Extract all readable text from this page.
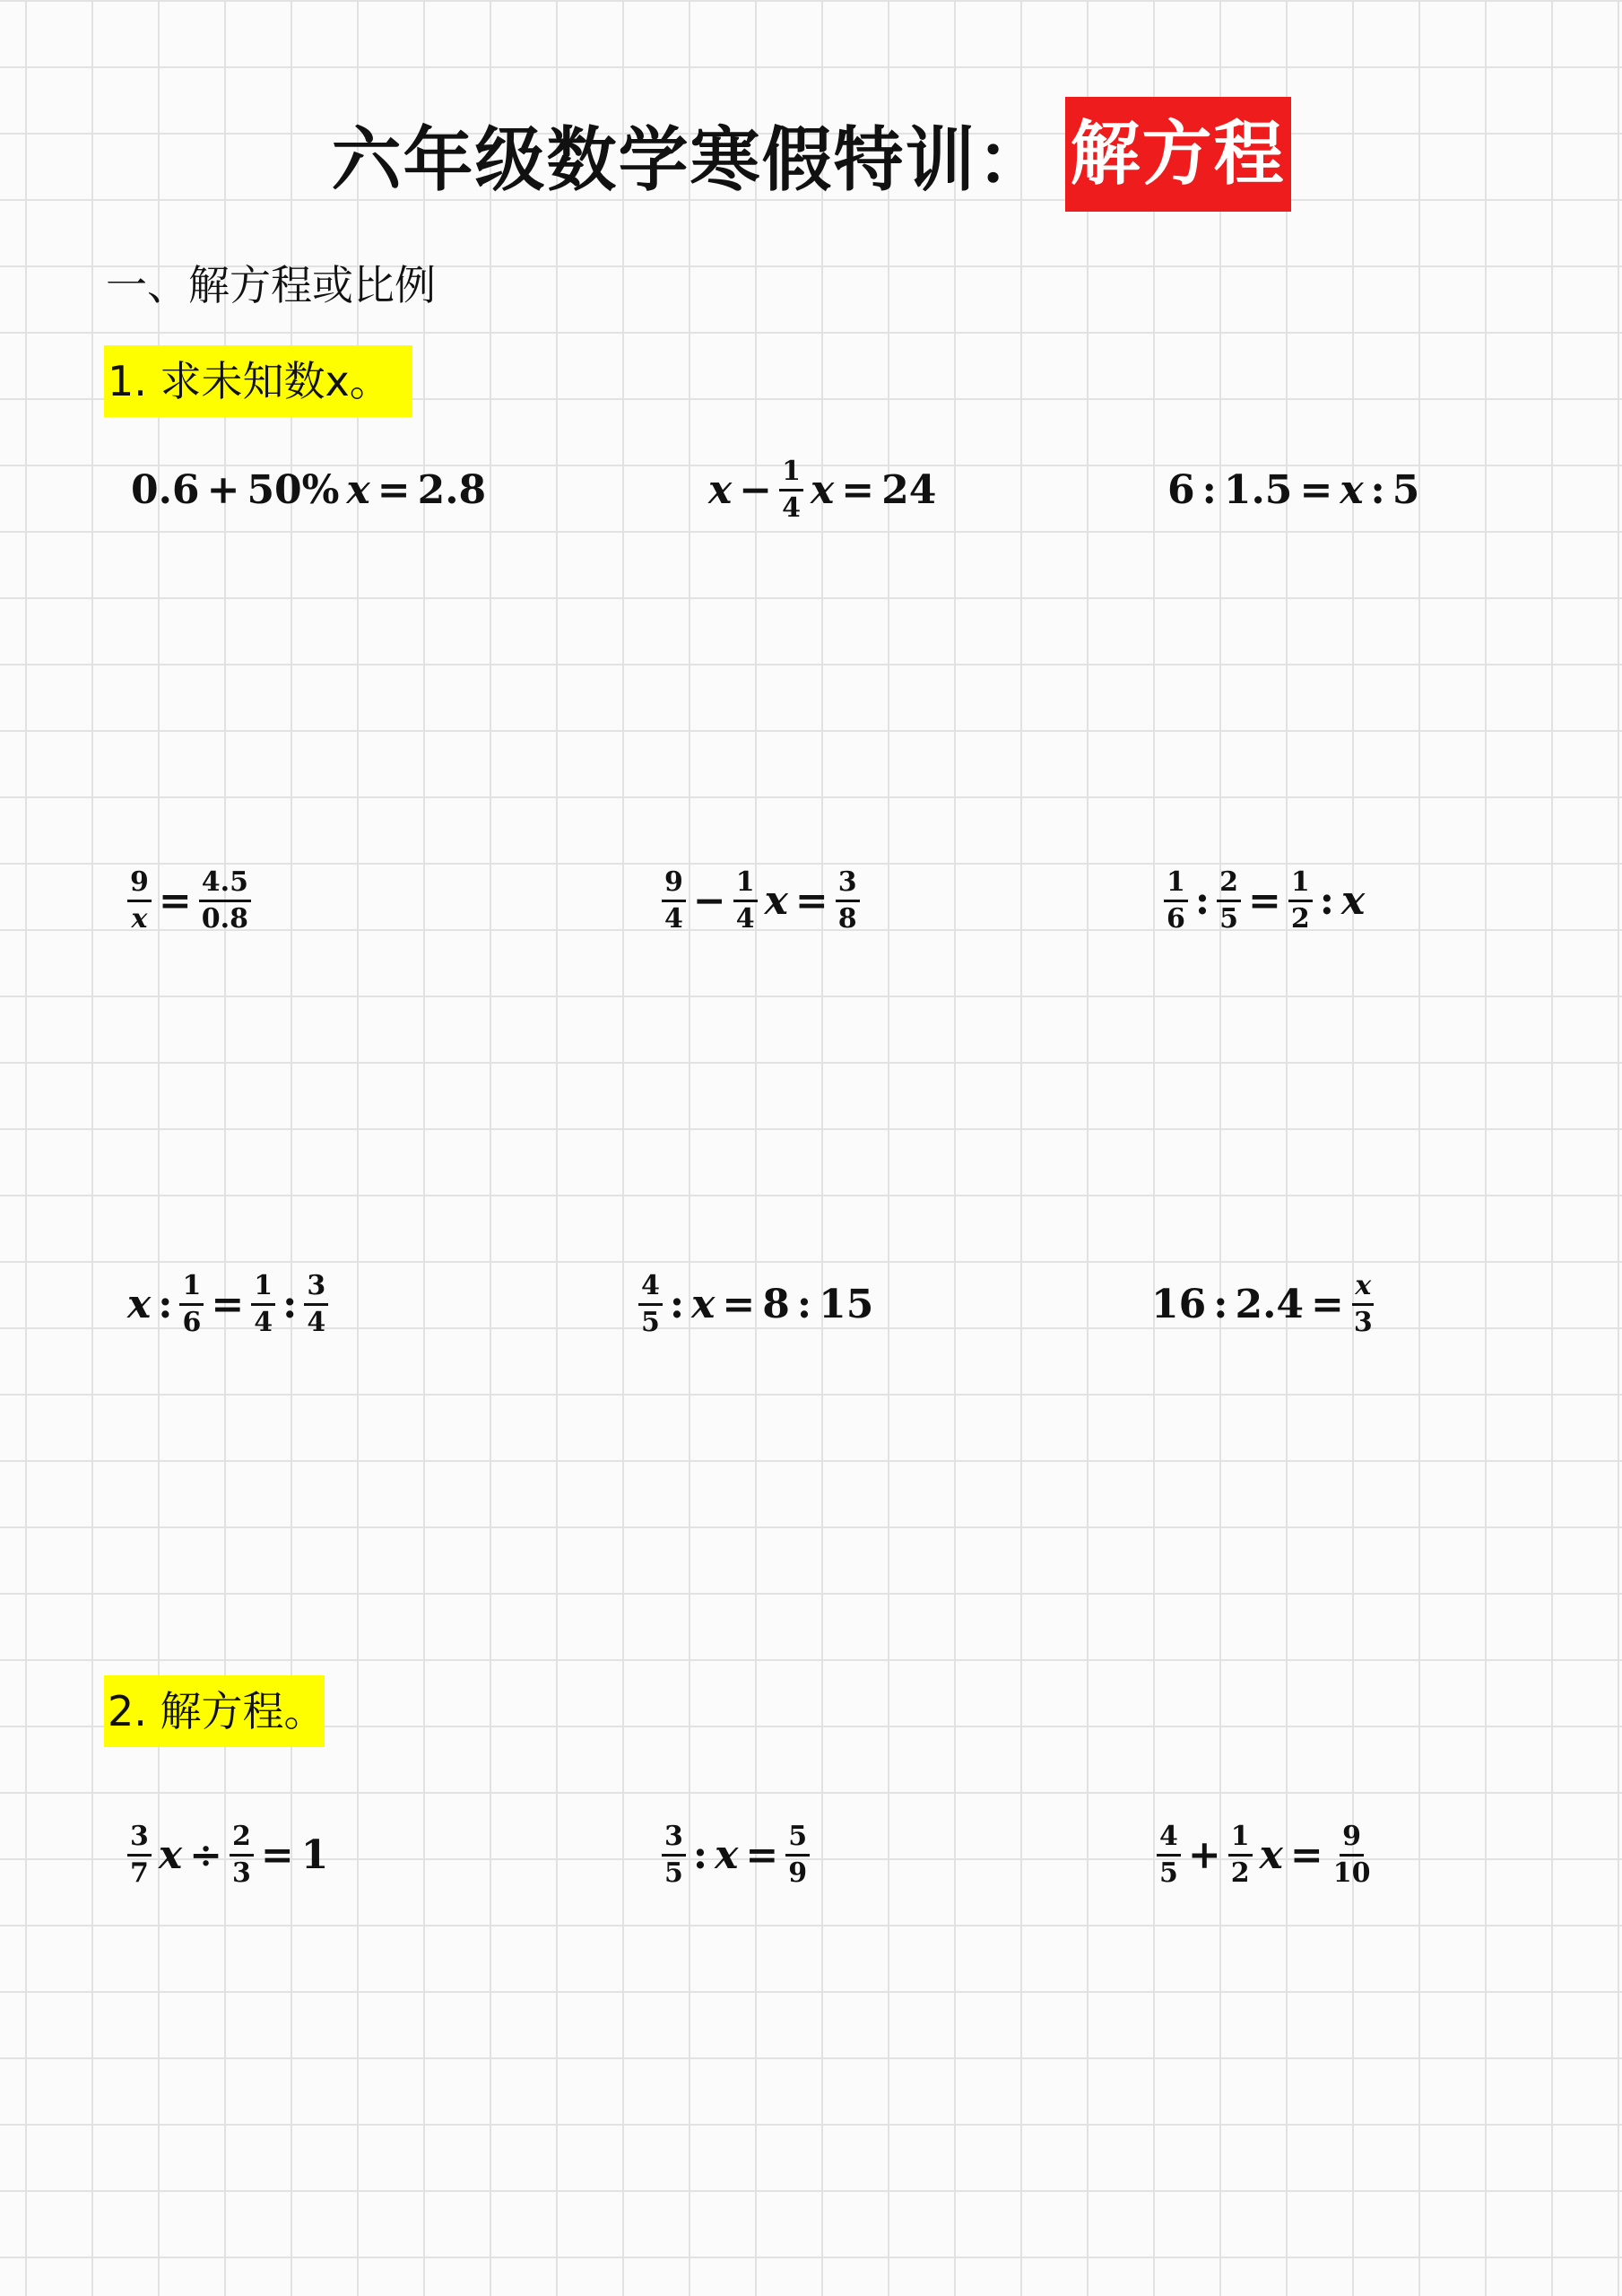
六年级数学寒假特训： 解方程
一、解方程或比例
1. 求未知数x。
0.6 + 50% x = 2.8	$x - \frac{1}{4}$ x = 24	6 : 1.5 = x : 5
$\frac{9}{x} = \frac{4.5}{0.8}$	$\frac{9}{4} - \frac{1}{4}$ $x = \frac{3}{8}$	$\frac{1}{6}$ : $\frac{2}{5} = \frac{1}{2}$ : x
x : $\frac{1}{6} = \frac{1}{4}$ : $\frac{3}{4}$	$\frac{4}{5}$ : x = 8 : 15	16 : $2.4 = \frac{x}{3}$
2. 解方程。
$\frac{3}{7}$ $x \div \frac{2}{3} = 1$	$\frac{3}{5}$ : $x = \frac{5}{9}$	$\frac{4}{5} + \frac{1}{2}$ $x = \frac{9}{10}$
